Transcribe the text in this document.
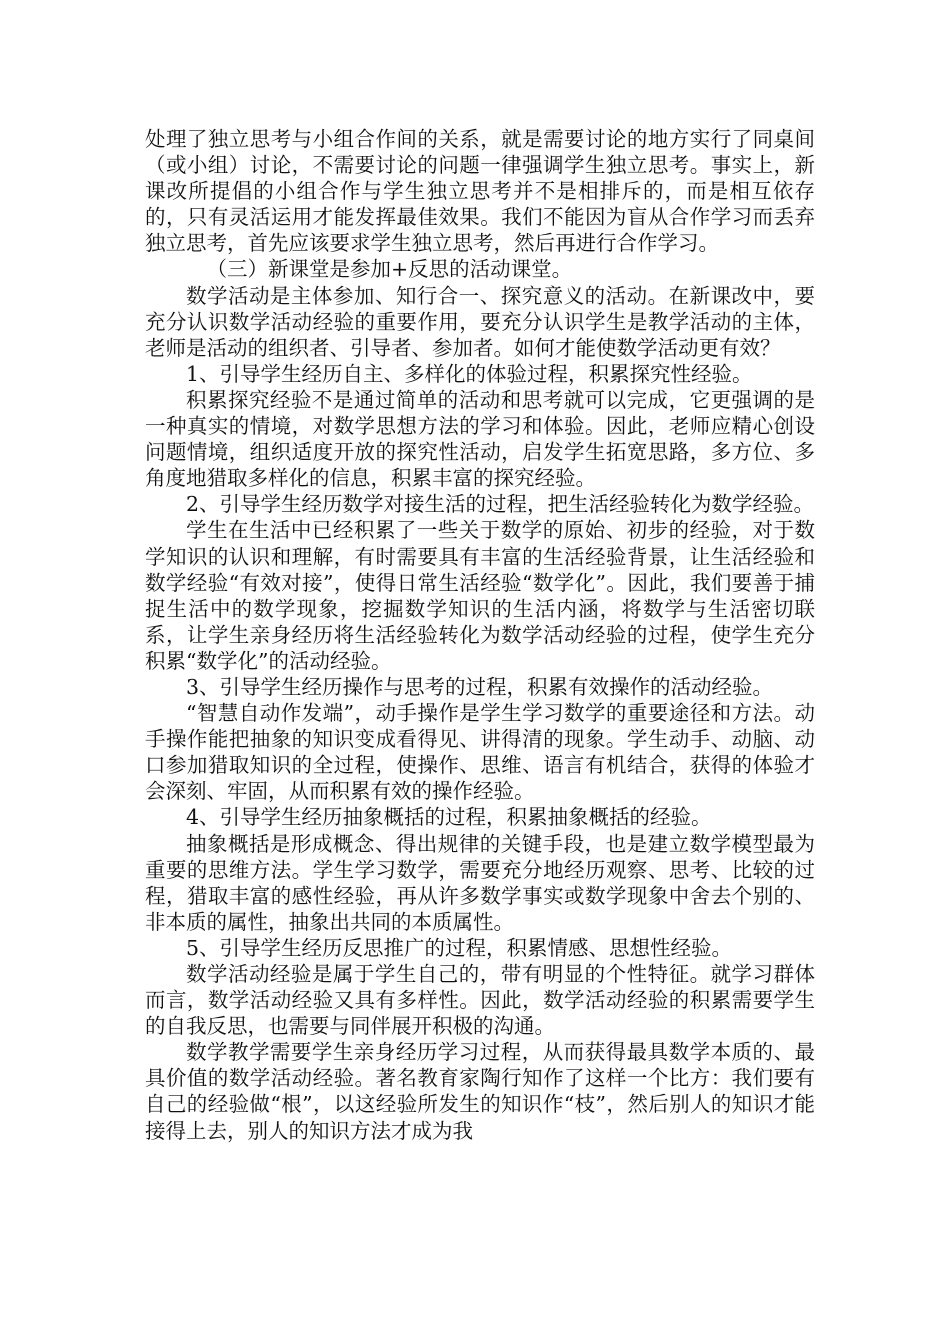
处理了独立思考与小组合作间的关系，就是需要讨论的地方实行了同桌间（或小组）讨论，不需要讨论的问题一律强调学生独立思考。事实上，新课改所提倡的小组合作与学生独立思考并不是相排斥的，而是相互依存的，只有灵活运用才能发挥最佳效果。我们不能因为盲从合作学习而丢弃独立思考，首先应该要求学生独立思考，然后再进行合作学习。

（三）新课堂是参加+反思的活动课堂。

数学活动是主体参加、知行合一、探究意义的活动。在新课改中，要充分认识数学活动经验的重要作用，要充分认识学生是教学活动的主体，老师是活动的组织者、引导者、参加者。如何才能使数学活动更有效？

1、引导学生经历自主、多样化的体验过程，积累探究性经验。

积累探究经验不是通过简单的活动和思考就可以完成，它更强调的是一种真实的情境，对数学思想方法的学习和体验。因此，老师应精心创设问题情境，组织适度开放的探究性活动，启发学生拓宽思路，多方位、多角度地猎取多样化的信息，积累丰富的探究经验。

2、引导学生经历数学对接生活的过程，把生活经验转化为数学经验。

学生在生活中已经积累了一些关于数学的原始、初步的经验，对于数学知识的认识和理解，有时需要具有丰富的生活经验背景，让生活经验和数学经验“有效对接”，使得日常生活经验“数学化”。因此，我们要善于捕捉生活中的数学现象，挖掘数学知识的生活内涵，将数学与生活密切联系，让学生亲身经历将生活经验转化为数学活动经验的过程，使学生充分积累“数学化”的活动经验。

3、引导学生经历操作与思考的过程，积累有效操作的活动经验。

“智慧自动作发端”，动手操作是学生学习数学的重要途径和方法。动手操作能把抽象的知识变成看得见、讲得清的现象。学生动手、动脑、动口参加猎取知识的全过程，使操作、思维、语言有机结合，获得的体验才会深刻、牢固，从而积累有效的操作经验。

4、引导学生经历抽象概括的过程，积累抽象概括的经验。

抽象概括是形成概念、得出规律的关键手段，也是建立数学模型最为重要的思维方法。学生学习数学，需要充分地经历观察、思考、比较的过程，猎取丰富的感性经验，再从许多数学事实或数学现象中舍去个别的、非本质的属性，抽象出共同的本质属性。

5、引导学生经历反思推广的过程，积累情感、思想性经验。

数学活动经验是属于学生自己的，带有明显的个性特征。就学习群体而言，数学活动经验又具有多样性。因此，数学活动经验的积累需要学生的自我反思，也需要与同伴展开积极的沟通。

数学教学需要学生亲身经历学习过程，从而获得最具数学本质的、最具价值的数学活动经验。著名教育家陶行知作了这样一个比方：我们要有自己的经验做“根”，以这经验所发生的知识作“枝”，然后别人的知识才能接得上去，别人的知识方法才成为我
